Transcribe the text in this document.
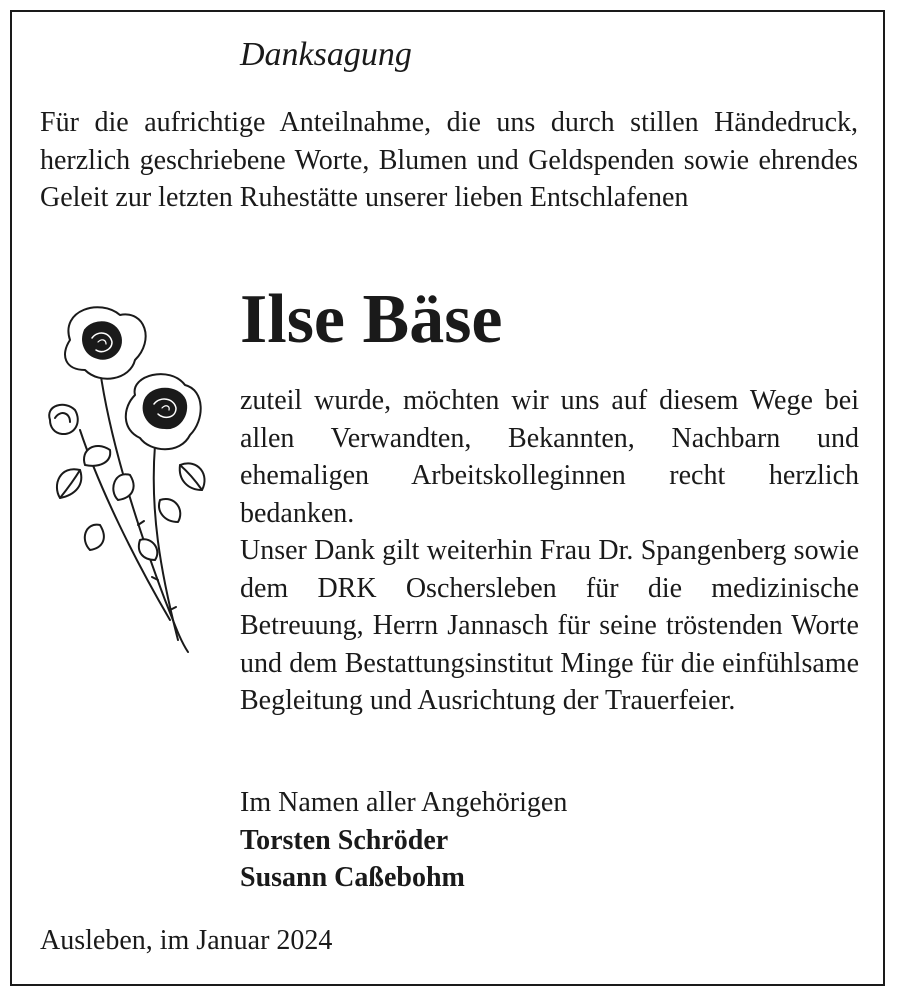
Danksagung

Für die aufrichtige Anteilnahme, die uns durch stillen Händedruck, herzlich geschriebene Worte, Blumen und Geldspenden sowie ehrendes Geleit zur letzten Ruhestätte unserer lieben Entschlafenen

Ilse Bäse

zuteil wurde, möchten wir uns auf diesem Wege bei allen Verwandten, Bekannten, Nachbarn und ehemaligen Arbeitskolleginnen recht herzlich bedanken.

Unser Dank gilt weiterhin Frau Dr. Spangenberg sowie dem DRK Oschersleben für die medizinische Betreuung, Herrn Jannasch für seine tröstenden Worte und dem Bestattungsinstitut Minge für die einfühlsame Begleitung und Ausrichtung der Trauerfeier.

Im Namen aller Angehörigen
Torsten Schröder
Susann Caßebohm

Ausleben, im Januar 2024
